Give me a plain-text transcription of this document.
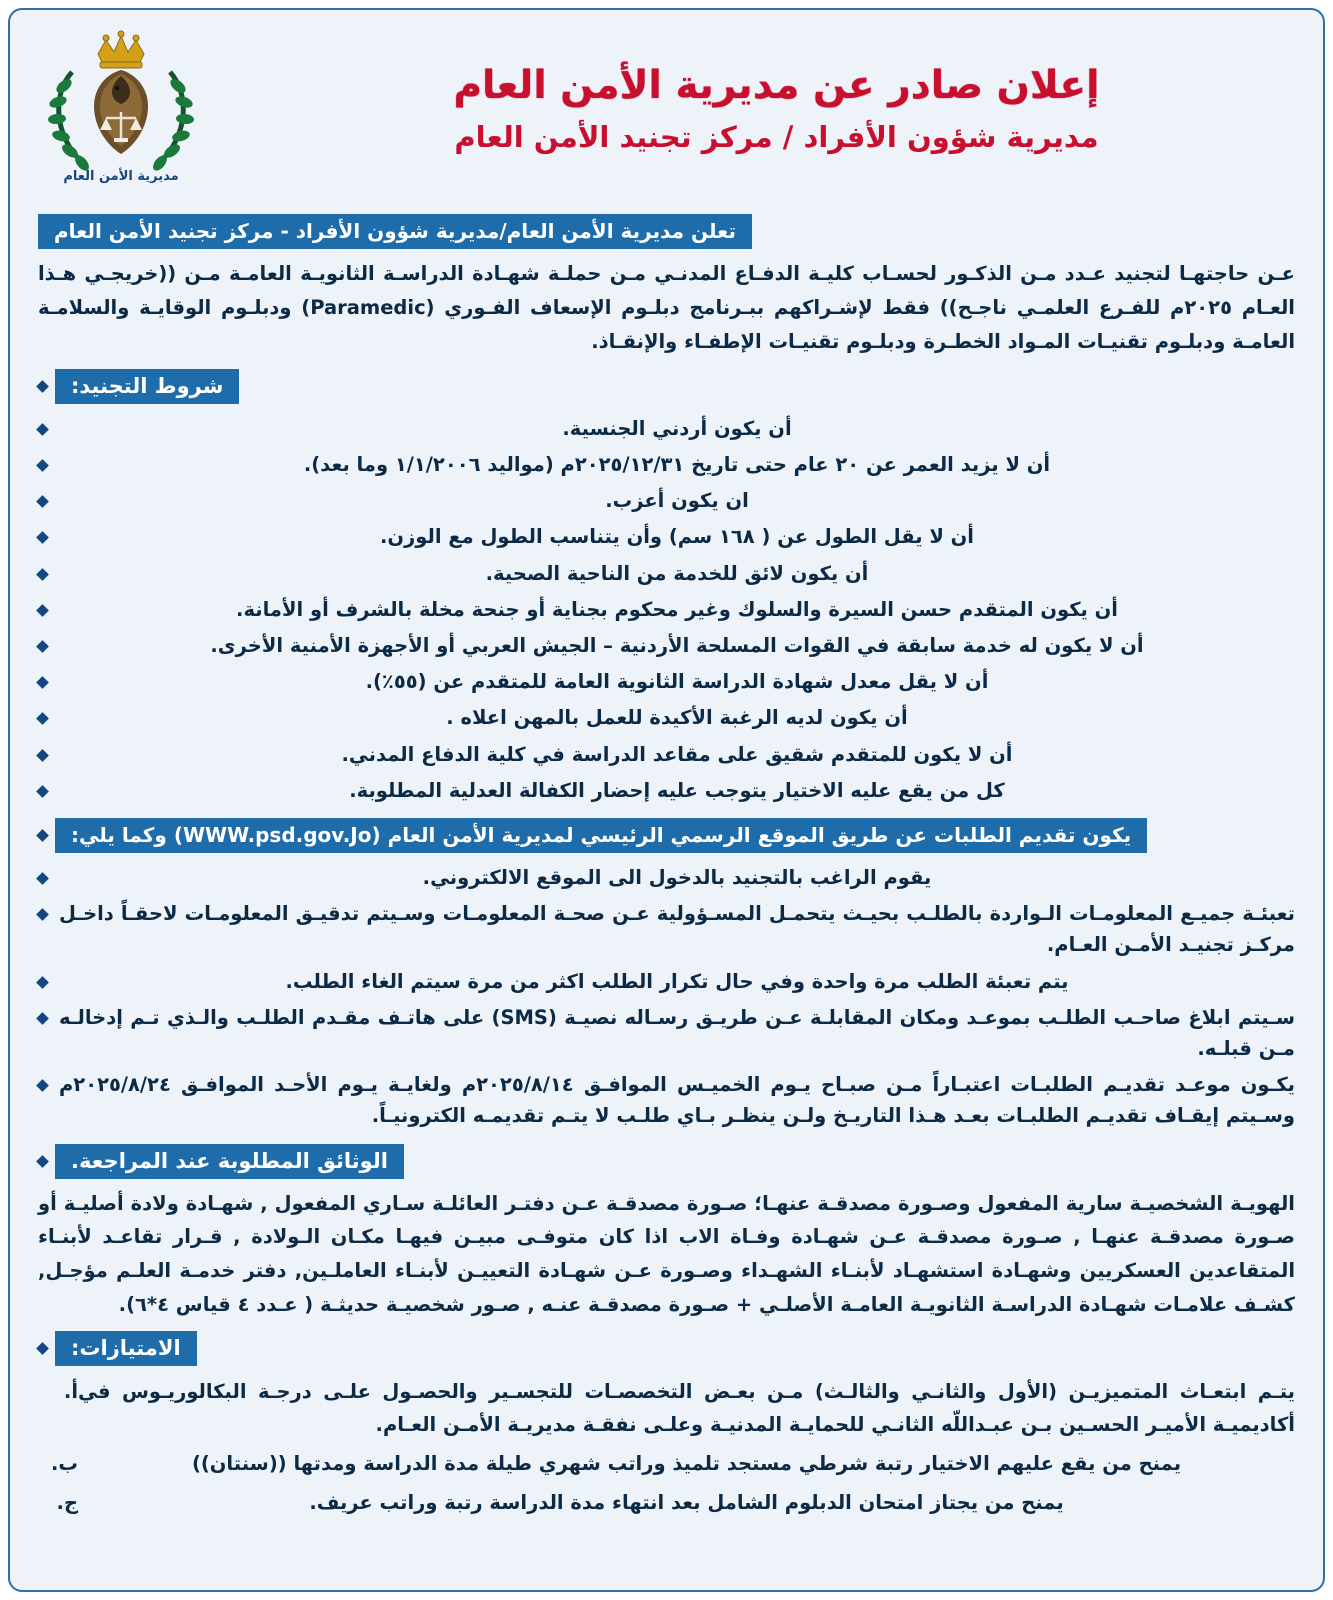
مديرية الأمن العام
إعلان صادر عن مديرية الأمن العام
مديرية شؤون الأفراد / مركز تجنيد الأمن العام
تعلن مديرية الأمن العام/مديرية شؤون الأفراد - مركز تجنيد الأمن العام
عـن حاجتهـا لتجنيد عـدد مـن الذكـور لحسـاب كليـة الدفـاع المدنـي مـن حملـة شهـادة الدراسـة الثانويـة العامـة مـن ((خريجـي هـذا العـام ٢٠٢٥م للفـرع العلمـي ناجـح)) فقط لإشـراكهم ببـرنامج دبلـوم الإسعاف الفـوري (Paramedic) ودبلـوم الوقايـة والسلامـة العامـة ودبلـوم تقنيـات المـواد الخطـرة ودبلـوم تقنيـات الإطفـاء والإنقـاذ.
شروط التجنيد:
أن يكون أردني الجنسية.
أن لا يزيد العمر عن ٢٠ عام حتى تاريخ ٢٠٢٥/١٢/٣١م (مواليد ١/١/٢٠٠٦ وما بعد).
ان يكون أعزب.
أن لا يقل الطول عن ( ١٦٨ سم) وأن يتناسب الطول مع الوزن.
أن يكون لائق للخدمة من الناحية الصحية.
أن يكون المتقدم حسن السيرة والسلوك وغير محكوم بجناية أو جنحة مخلة بالشرف أو الأمانة.
أن لا يكون له خدمة سابقة في القوات المسلحة الأردنية – الجيش العربي أو الأجهزة الأمنية الأخرى.
أن لا يقل معدل شهادة الدراسة الثانوية العامة للمتقدم عن (٥٥٪).
أن يكون لديه الرغبة الأكيدة للعمل بالمهن اعلاه .
أن لا يكون للمتقدم شقيق على مقاعد الدراسة في كلية الدفاع المدني.
كل من يقع عليه الاختيار يتوجب عليه إحضار الكفالة العدلية المطلوبة.
يكون تقديم الطلبات عن طريق الموقع الرسمي الرئيسي لمديرية الأمن العام (WWW.psd.gov.Jo) وكما يلي:
يقوم الراغب بالتجنيد بالدخول الى الموقع الالكتروني.
تعبئـة جميـع المعلومـات الـواردة بالطلـب بحيـث يتحمـل المسـؤولية عـن صحـة المعلومـات وسـيتم تدقيـق المعلومـات لاحقـاً داخـل مركـز تجنيـد الأمـن العـام.
يتم تعبئة الطلب مرة واحدة وفي حال تكرار الطلب اكثر من مرة سيتم الغاء الطلب.
سـيتم ابلاغ صاحـب الطلـب بموعـد ومكان المقابلـة عـن طريـق رسـاله نصيـة (SMS) على هاتـف مقـدم الطلـب والـذي تـم إدخالـه مـن قبلـه.
يكـون موعـد تقديـم الطلبـات اعتبـاراً مـن صبـاح يـوم الخميـس الموافـق ٢٠٢٥/٨/١٤م ولغايـة يـوم الأحـد الموافـق ٢٠٢٥/٨/٢٤م وسـيتم إيقـاف تقديـم الطلبـات بعـد هـذا التاريـخ ولـن ينظـر بـاي طلـب لا يتـم تقديمـه الكترونيـاً.
الوثائق المطلوبة عند المراجعة.
الهويـة الشخصيـة سارية المفعول وصـورة مصدقـة عنهـا؛ صـورة مصدقـة عـن دفتـر العائلـة سـاري المفعول , شهـادة ولادة أصليـة أو صـورة مصدقـة عنهـا , صـورة مصدقـة عـن شهـادة وفـاة الاب اذا كان متوفـى مبيـن فيهـا مكـان الـولادة , قـرار تقاعـد لأبنـاء المتقاعدين العسكريين وشهـادة استشهـاد لأبنـاء الشهـداء وصـورة عـن شهـادة التعييـن لأبنـاء العاملـين, دفتر خدمـة العلـم مؤجـل, كشـف علامـات شهـادة الدراسـة الثانويـة العامـة الأصلـي + صـورة مصدقـة عنـه , صـور شخصيـة حديثـة ( عـدد ٤ قياس ٤*٦).
الامتيازات:
أ. يتـم ابتعـاث المتميزيـن (الأول والثانـي والثالـث) مـن بعـض التخصصـات للتجسـير والحصـول علـى درجـة البكالوريـوس في أكاديميـة الأميـر الحسـين بـن عبـداللّه الثانـي للحمايـة المدنيـة وعلـى نفقـة مديريـة الأمـن العـام.
ب.	يمنح من يقع عليهم الاختيار رتبة شرطي مستجد تلميذ وراتب شهري طيلة مدة الدراسة ومدتها ((سنتان))
ج.	يمنح من يجتاز امتحان الدبلوم الشامل بعد انتهاء مدة الدراسة رتبة وراتب عريف.
